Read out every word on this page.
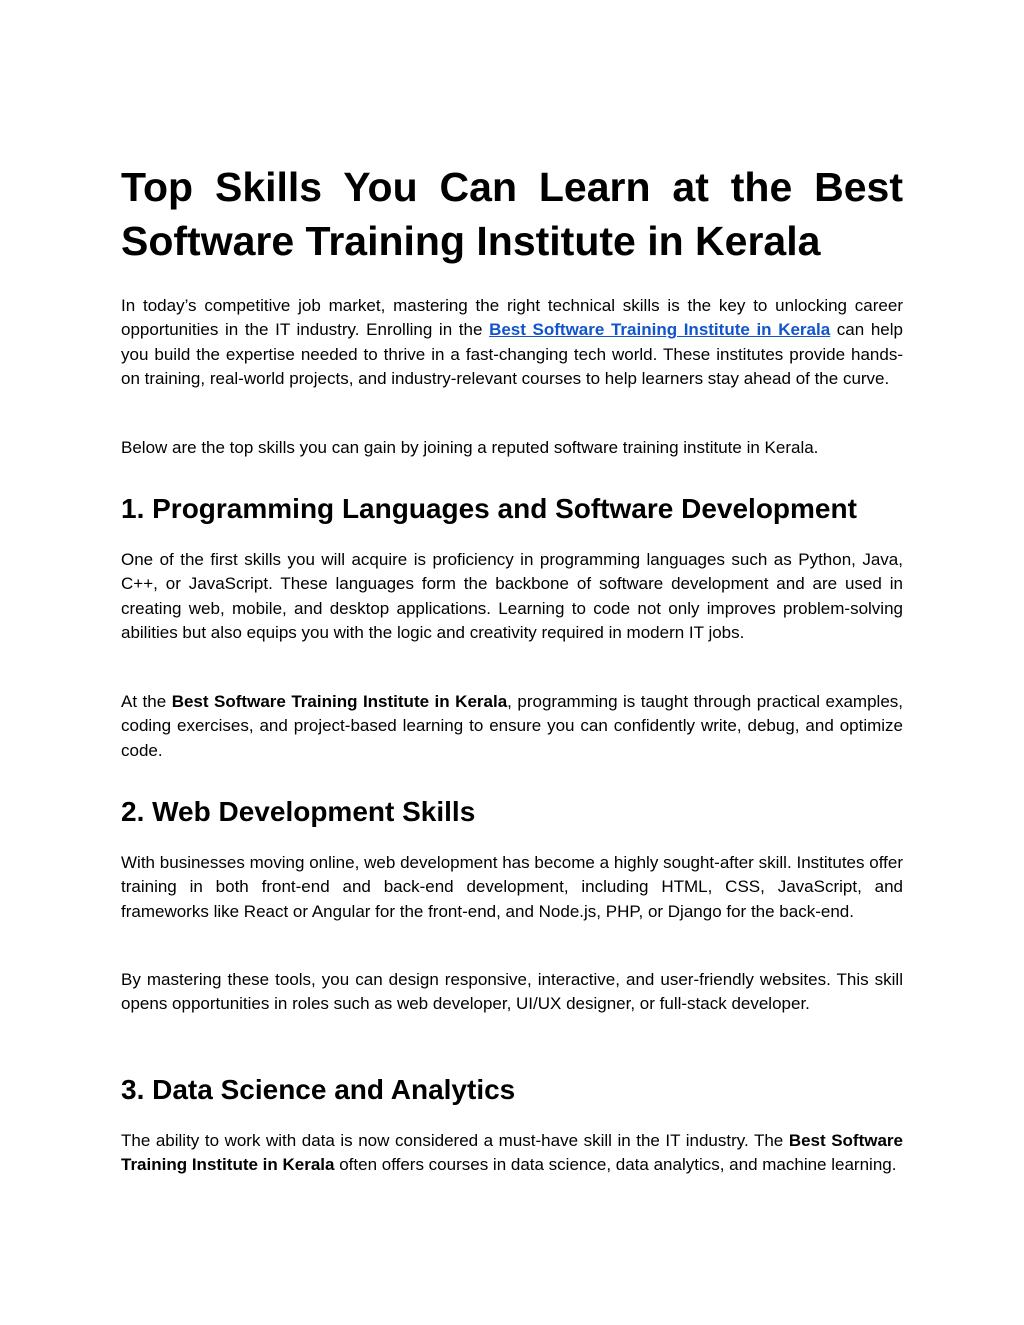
Top Skills You Can Learn at the Best
Software Training Institute in Kerala

In today’s competitive job market, mastering the right technical skills is the key to unlocking career opportunities in the IT industry. Enrolling in the Best Software Training Institute in Kerala can help you build the expertise needed to thrive in a fast-changing tech world. These institutes provide hands-on training, real-world projects, and industry-relevant courses to help learners stay ahead of the curve.

Below are the top skills you can gain by joining a reputed software training institute in Kerala.

1. Programming Languages and Software Development

One of the first skills you will acquire is proficiency in programming languages such as Python, Java, C++, or JavaScript. These languages form the backbone of software development and are used in creating web, mobile, and desktop applications. Learning to code not only improves problem-solving abilities but also equips you with the logic and creativity required in modern IT jobs.

At the Best Software Training Institute in Kerala, programming is taught through practical examples, coding exercises, and project-based learning to ensure you can confidently write, debug, and optimize code.

2. Web Development Skills

With businesses moving online, web development has become a highly sought-after skill. Institutes offer training in both front-end and back-end development, including HTML, CSS, JavaScript, and frameworks like React or Angular for the front-end, and Node.js, PHP, or Django for the back-end.

By mastering these tools, you can design responsive, interactive, and user-friendly websites. This skill opens opportunities in roles such as web developer, UI/UX designer, or full-stack developer.

3. Data Science and Analytics

The ability to work with data is now considered a must-have skill in the IT industry. The Best Software Training Institute in Kerala often offers courses in data science, data analytics, and machine learning.
